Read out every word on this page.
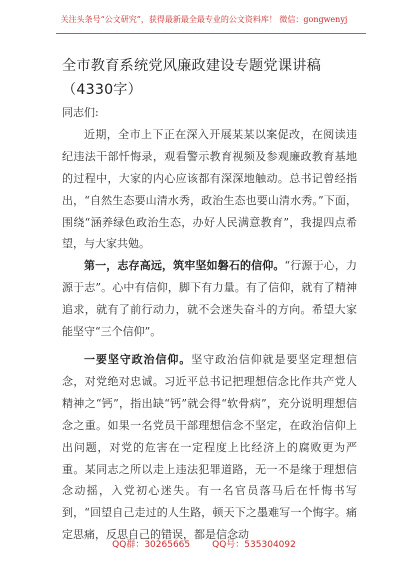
关注头条号“公文研究”，获得最新最全最专业的公文资料库！ 微信：gongwenyj
全市教育系统党风廉政建设专题党课讲稿（4330字）

同志们:

近期，全市上下正在深入开展某某以案促改，在阅读违纪违法干部忏悔录，观看警示教育视频及参观廉政教育基地的过程中，大家的内心应该都有深深地触动。总书记曾经指出，“自然生态要山清水秀，政治生态也要山清水秀。”下面，围绕“涵养绿色政治生态，办好人民满意教育”，我提四点希望，与大家共勉。

第一，志存高远，筑牢坚如磐石的信仰。“行源于心，力源于志”。心中有信仰，脚下有力量。有了信仰，就有了精神追求，就有了前行动力，就不会迷失奋斗的方向。希望大家能坚守“三个信仰”。

一要坚守政治信仰。坚守政治信仰就是要坚定理想信念，对党绝对忠诚。习近平总书记把理想信念比作共产党人精神之“钙”，指出缺“钙”就会得“软骨病”，充分说明理想信念之重。如果一名党员干部理想信念不坚定，在政治信仰上出问题，对党的危害在一定程度上比经济上的腐败更为严重。某同志之所以走上违法犯罪道路，无一不是缘于理想信念动摇，入党初心迷失。有一名官员落马后在忏悔书写到，“回望自己走过的人生路，顿天下之墨难写一个悔字。痛定思痛，反思自己的错误，都是信念动

QQ群：30265665 QQ号：535304092
